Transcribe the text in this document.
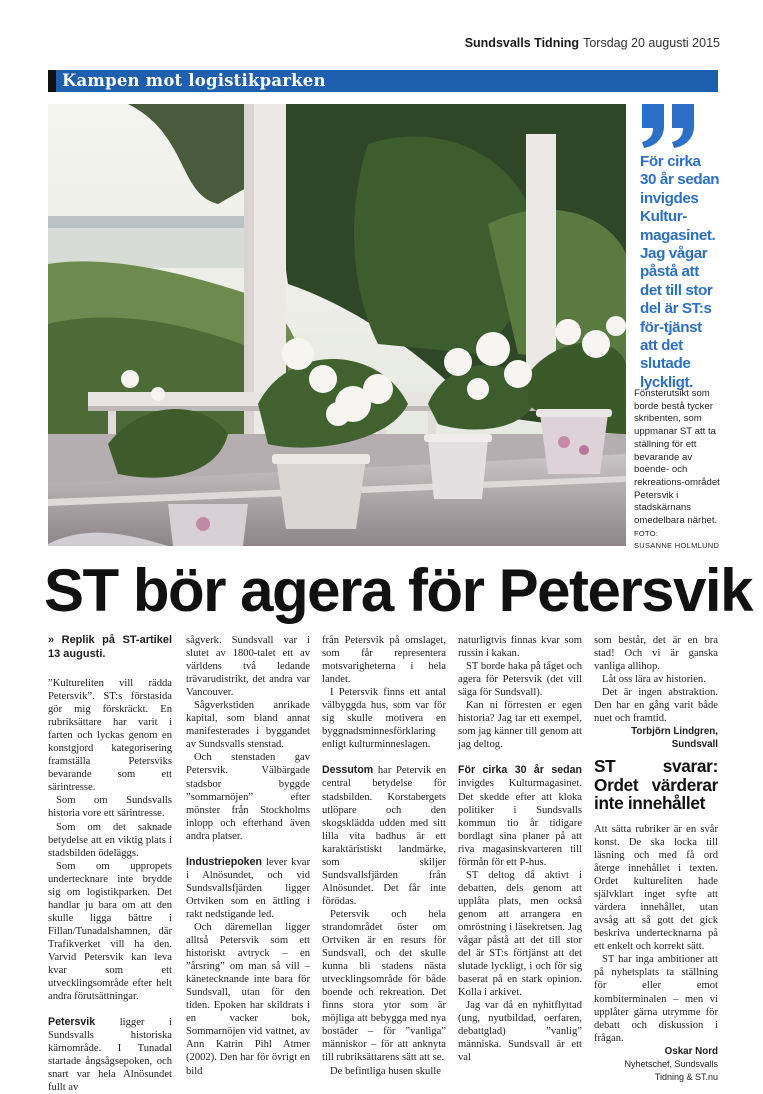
Sundsvalls Tidning Torsdag 20 augusti 2015
Kampen mot logistikparken
För cirka 30 år sedan invigdes Kultur-magasinet. Jag vågar påstå att det till stor del är ST:s för-tjänst att det slutade lyckligt.
Fönsterutsikt som borde bestå tycker skribenten, som uppmanar ST att ta ställning för ett bevarande av boende- och rekreations-området Petersvik i stadskärnans omedelbara närhet.
FOTO:
SUSANNE HOLMLUND
ST bör agera för Petersvik

» Replik på ST-artikel 13 augusti.

”Kultureliten vill rädda Petersvik”. ST:s förstasida gör mig förskräckt. En rubriksättare har varit i farten och lyckas genom en konstgjord kategorisering framställa Petersviks bevarande som ett särintresse.

Som om Sundsvalls historia vore ett särintresse.

Som om det saknade betydelse att en viktig plats i stadsbilden ödeläggs.

Som om uppropets undertecknare inte brydde sig om logistikparken. Det handlar ju bara om att den skulle ligga bättre i Fillan/Tunadalshamnen, där Trafikverket vill ha den. Varvid Petersvik kan leva kvar som ett utvecklingsområde efter helt andra förutsättningar.

Petersvik ligger i Sundsvalls historiska kärnområde. I Tunadal startade ångsågsepoken, och snart var hela Alnösundet fullt av

sågverk. Sundsvall var i slutet av 1800-talet ett av världens två ledande trävarudistrikt, det andra var Vancouver.

Sågverkstiden anrikade kapital, som bland annat manifesterades i byggandet av Sundsvalls stenstad.

Och stenstaden gav Petersvik. Välbärgade stadsbor byggde ”sommarnöjen” efter mönster från Stockholms inlopp och efterhand även andra platser.

Industriepoken lever kvar i Alnösundet, och vid Sundsvallsfjärden ligger Ortviken som en ättling i rakt nedstigande led.

Och däremellan ligger alltså Petersvik som ett historiskt avtryck – en ”årsring” om man så vill – känetecknande inte bara för Sundsvall, utan för den tiden. Epoken har skildrats i en vacker bok, Sommarnöjen vid vattnet, av Ann Katrin Pihl Atmer (2002). Den har för övrigt en bild

från Petersvik på omslaget, som får representera motsvarigheterna i hela landet.

I Petersvik finns ett antal välbyggda hus, som var för sig skulle motivera en byggnadsminnesförklaring enligt kulturminneslagen.

Dessutom har Petervik en central betydelse för stadsbilden. Korstabergets utlöpare och den skogsklädda udden med sitt lilla vita badhus är ett karaktäristiskt landmärke, som skiljer Sundsvallsfjärden från Alnösundet. Det får inte förödas.

Petersvik och hela strandområdet öster om Ortviken är en resurs för Sundsvall, och det skulle kunna bli stadens nästa utvecklingsområde för både boende och rekreation. Det finns stora ytor som är möjliga att bebygga med nya bostäder – för ”vanliga” människor – för att anknyta till rubriksättarens sätt att se.

De befintliga husen skulle

naturligtvis finnas kvar som russin i kakan.

ST borde haka på tåget och agera för Petersvik (det vill säga för Sundsvall).

Kan ni förresten er egen historia? Jag tar ett exempel, som jag känner till genom att jag deltog.

För cirka 30 år sedan invigdes Kulturmagasinet. Det skedde efter att kloka politiker i Sundsvalls kommun tio år tidigare bordlagt sina planer på att riva magasinskvarteren till förmån för ett P-hus.

ST deltog då aktivt i debatten, dels genom att upplåta plats, men också genom att arrangera en omröstning i läsekretsen. Jag vågar påstå att det till stor del är ST:s förtjänst att det slutade lyckligt, i och för sig baserat på en stark opinion. Kolla i arkivet.

Jag var då en nyhitflyttad (ung, nyutbildad, oerfaren, debattglad) ”vanlig” människa. Sundsvall är ett val

som består, det är en bra stad! Och vi är ganska vanliga allihop.

Låt oss lära av historien.

Det är ingen abstraktion. Den har en gång varit både nuet och framtid.

Torbjörn Lindgren, Sundsvall

ST svarar: Ordet värderar inte innehållet

Att sätta rubriker är en svår konst. De ska locka till läsning och med få ord återge innehållet i texten. Ordet kultureliten hade självklart inget syfte att värdera innehållet, utan avsåg att så gott det gick beskriva undertecknarna på ett enkelt och korrekt sätt.

ST har inga ambitioner att på nyhetsplats ta ställning för eller emot kombiterminalen – men vi upplåter gärna utrymme för debatt och diskussion i frågan.

Oskar Nord

Nyhetschef, Sundsvalls Tidning & ST.nu
